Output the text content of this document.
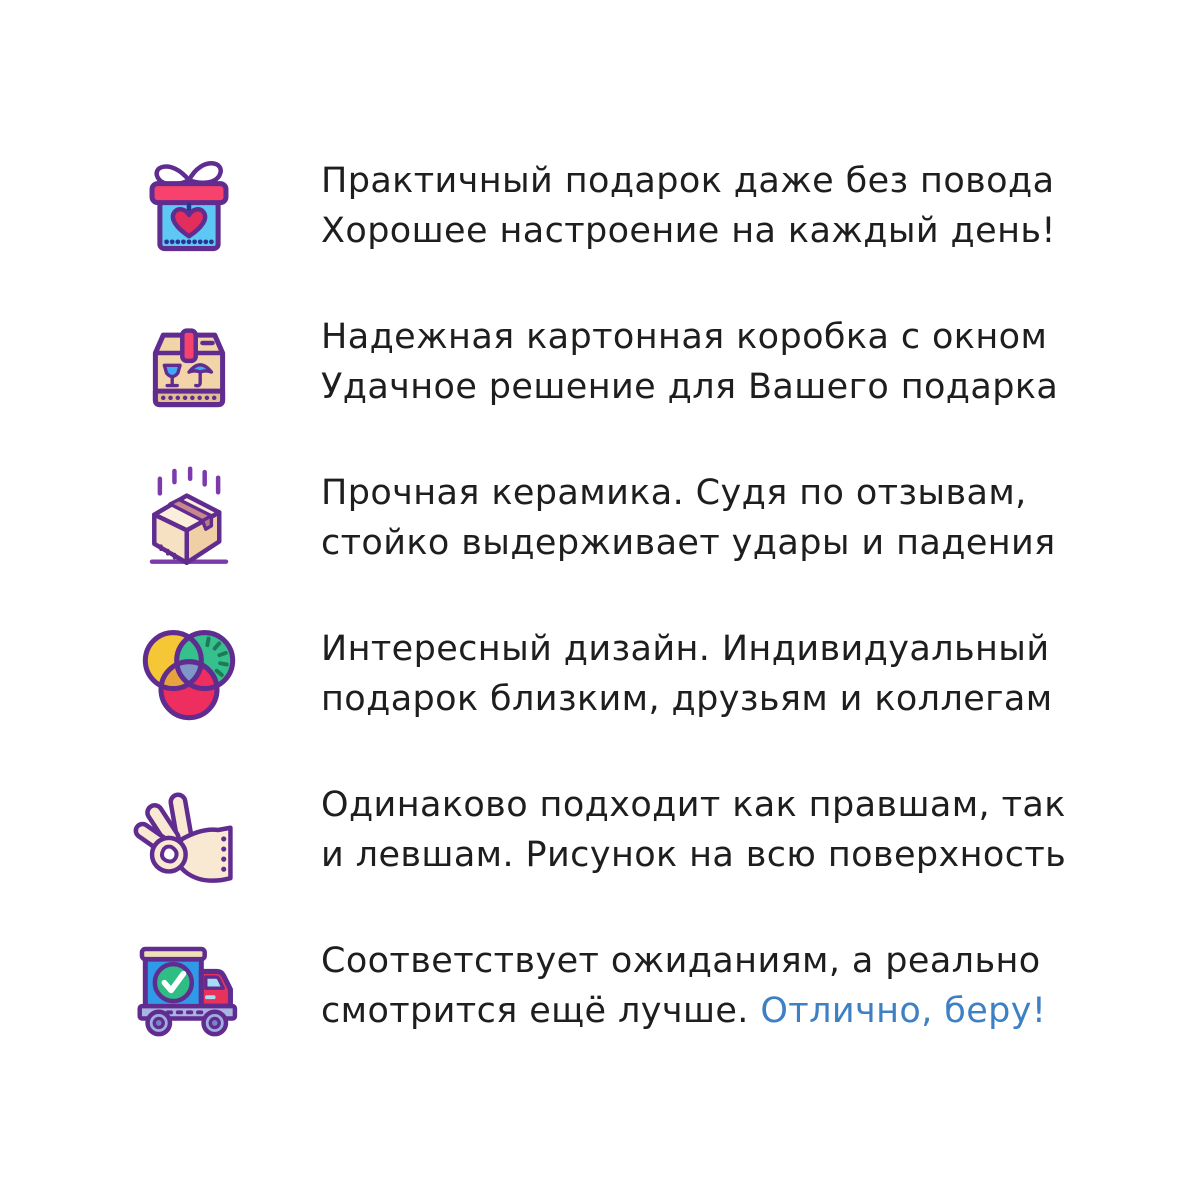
Практичный подарок даже без повода
Хорошее настроение на каждый день!
Надежная картонная коробка с окном
Удачное решение для Вашего подарка
Прочная керамика. Судя по отзывам,
стойко выдерживает удары и падения
Интересный дизайн. Индивидуальный
подарок близким, друзьям и коллегам
Одинаково подходит как правшам, так
и левшам. Рисунок на всю поверхность
Соответствует ожиданиям, а реально
смотрится ещё лучше. Отлично, беру!
